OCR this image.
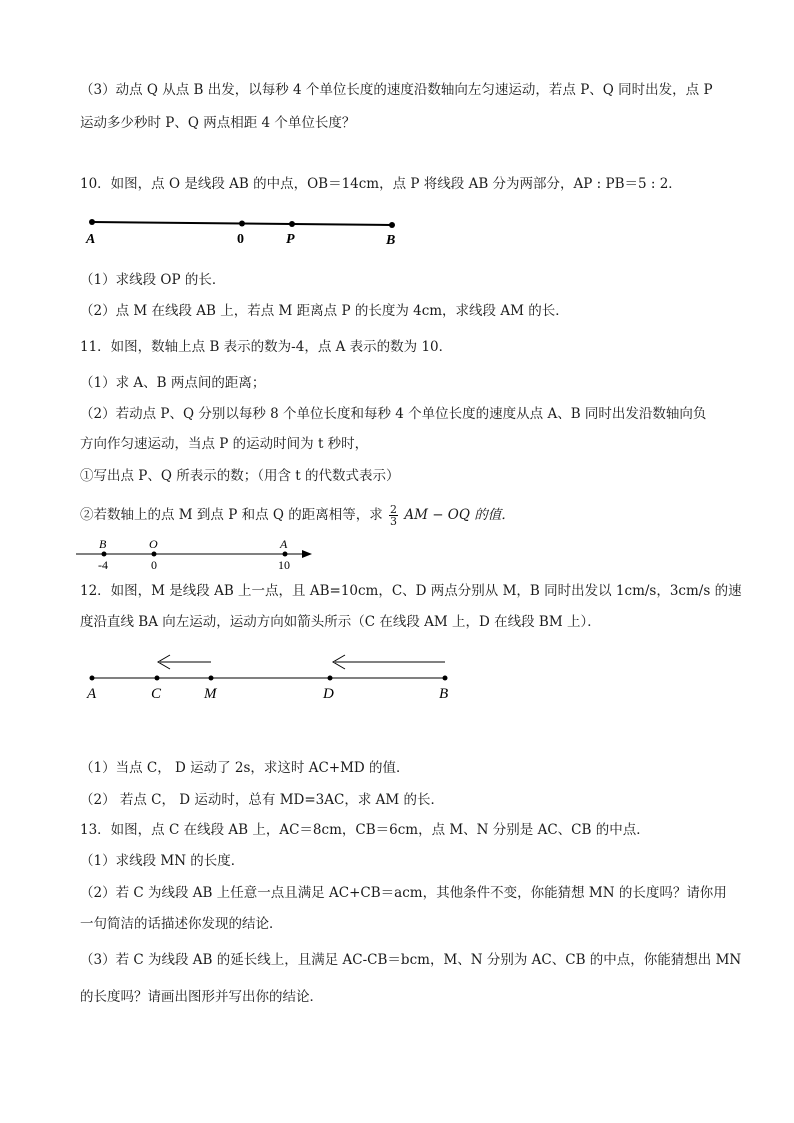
（3）动点 Q 从点 B 出发，以每秒 4 个单位长度的速度沿数轴向左匀速运动，若点 P、Q 同时出发，点 P
运动多少秒时 P、Q 两点相距 4 个单位长度？
10．如图，点 O 是线段 AB 的中点，OB＝14cm，点 P 将线段 AB 分为两部分，AP : PB＝5 : 2．
A	0	P	B
（1）求线段 OP 的长．
（2）点 M 在线段 AB 上，若点 M 距离点 P 的长度为 4cm，求线段 AM 的长．
11．如图，数轴上点 B 表示的数为-4，点 A 表示的数为 10．
（1）求 A、B 两点间的距离；
（2）若动点 P、Q 分别以每秒 8 个单位长度和每秒 4 个单位长度的速度从点 A、B 同时出发沿数轴向负
方向作匀速运动，当点 P 的运动时间为 t 秒时，
①写出点 P、Q 所表示的数；（用含 t 的代数式表示）
②若数轴上的点 M 到点 P 和点 Q 的距离相等，求 $\frac{2}{3}$ AM − OQ 的值．
B	O	A
-4	0	10
12．如图，M 是线段 AB 上一点，且 AB=10cm，C、D 两点分别从 M，B 同时出发以 1cm/s，3cm/s 的速
度沿直线 BA 向左运动，运动方向如箭头所示（C 在线段 AM 上，D 在线段 BM 上）．
A	C	M	D	B
（1）当点 C， D 运动了 2s，求这时 AC+MD 的值．
（2） 若点 C， D 运动时，总有 MD=3AC，求 AM 的长．
13．如图，点 C 在线段 AB 上，AC＝8cm，CB＝6cm，点 M、N 分别是 AC、CB 的中点．
（1）求线段 MN 的长度．
（2）若 C 为线段 AB 上任意一点且满足 AC+CB＝acm，其他条件不变，你能猜想 MN 的长度吗？请你用
一句简洁的话描述你发现的结论．
（3）若 C 为线段 AB 的延长线上，且满足 AC-CB＝bcm，M、N 分别为 AC、CB 的中点，你能猜想出 MN
的长度吗？请画出图形并写出你的结论．
